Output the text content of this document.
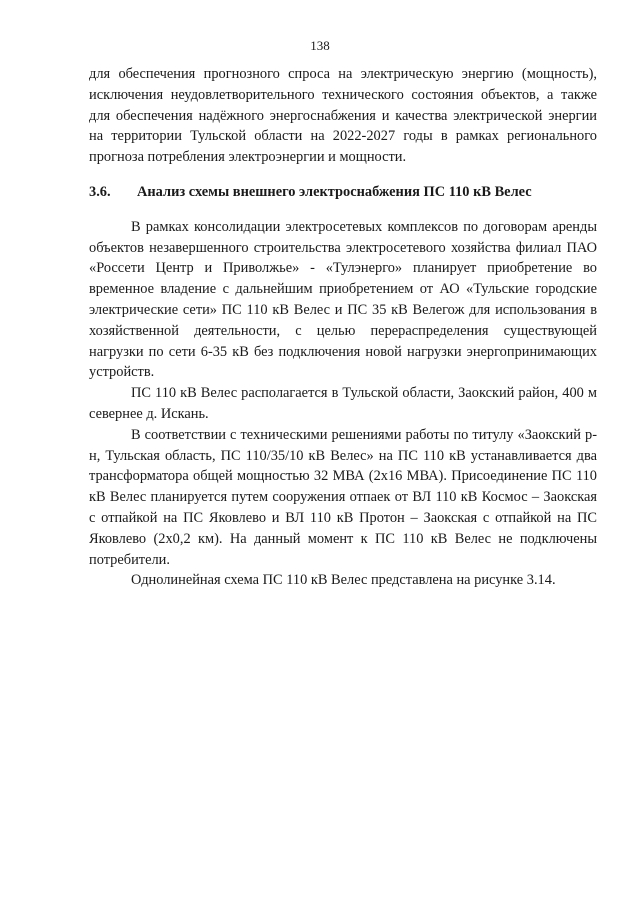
138

для обеспечения прогнозного спроса на электрическую энергию (мощность), исключения неудовлетворительного технического состояния объектов, а также для обеспечения надёжного энергоснабжения и качества электрической энергии на территории Тульской области на 2022-2027 годы в рамках регионального прогноза потребления электроэнергии и мощности.

3.6.	Анализ схемы внешнего электроснабжения ПС 110 кВ Велес

В рамках консолидации электросетевых комплексов по договорам аренды объектов незавершенного строительства электросетевого хозяйства филиал ПАО «Россети Центр и Приволжье» - «Тулэнерго» планирует приобретение во временное владение с дальнейшим приобретением от АО «Тульские городские электрические сети» ПС 110 кВ Велес и ПС 35 кВ Велегож для использования в хозяйственной деятельности, с целью перераспределения существующей нагрузки по сети 6-35 кВ без подключения новой нагрузки энергопринимающих устройств.

ПС 110 кВ Велес располагается в Тульской области, Заокский район, 400 м севернее д. Искань.

В соответствии с техническими решениями работы по титулу «Заокский р-н, Тульская область, ПС 110/35/10 кВ Велес» на ПС 110 кВ устанавливается два трансформатора общей мощностью 32 МВА (2х16 МВА). Присоединение ПС 110 кВ Велес планируется путем сооружения отпаек от ВЛ 110 кВ Космос – Заокская с отпайкой на ПС Яковлево и ВЛ 110 кВ Протон – Заокская с отпайкой на ПС Яковлево (2х0,2 км). На данный момент к ПС 110 кВ Велес не подключены потребители.

Однолинейная схема ПС 110 кВ Велес представлена на рисунке 3.14.
